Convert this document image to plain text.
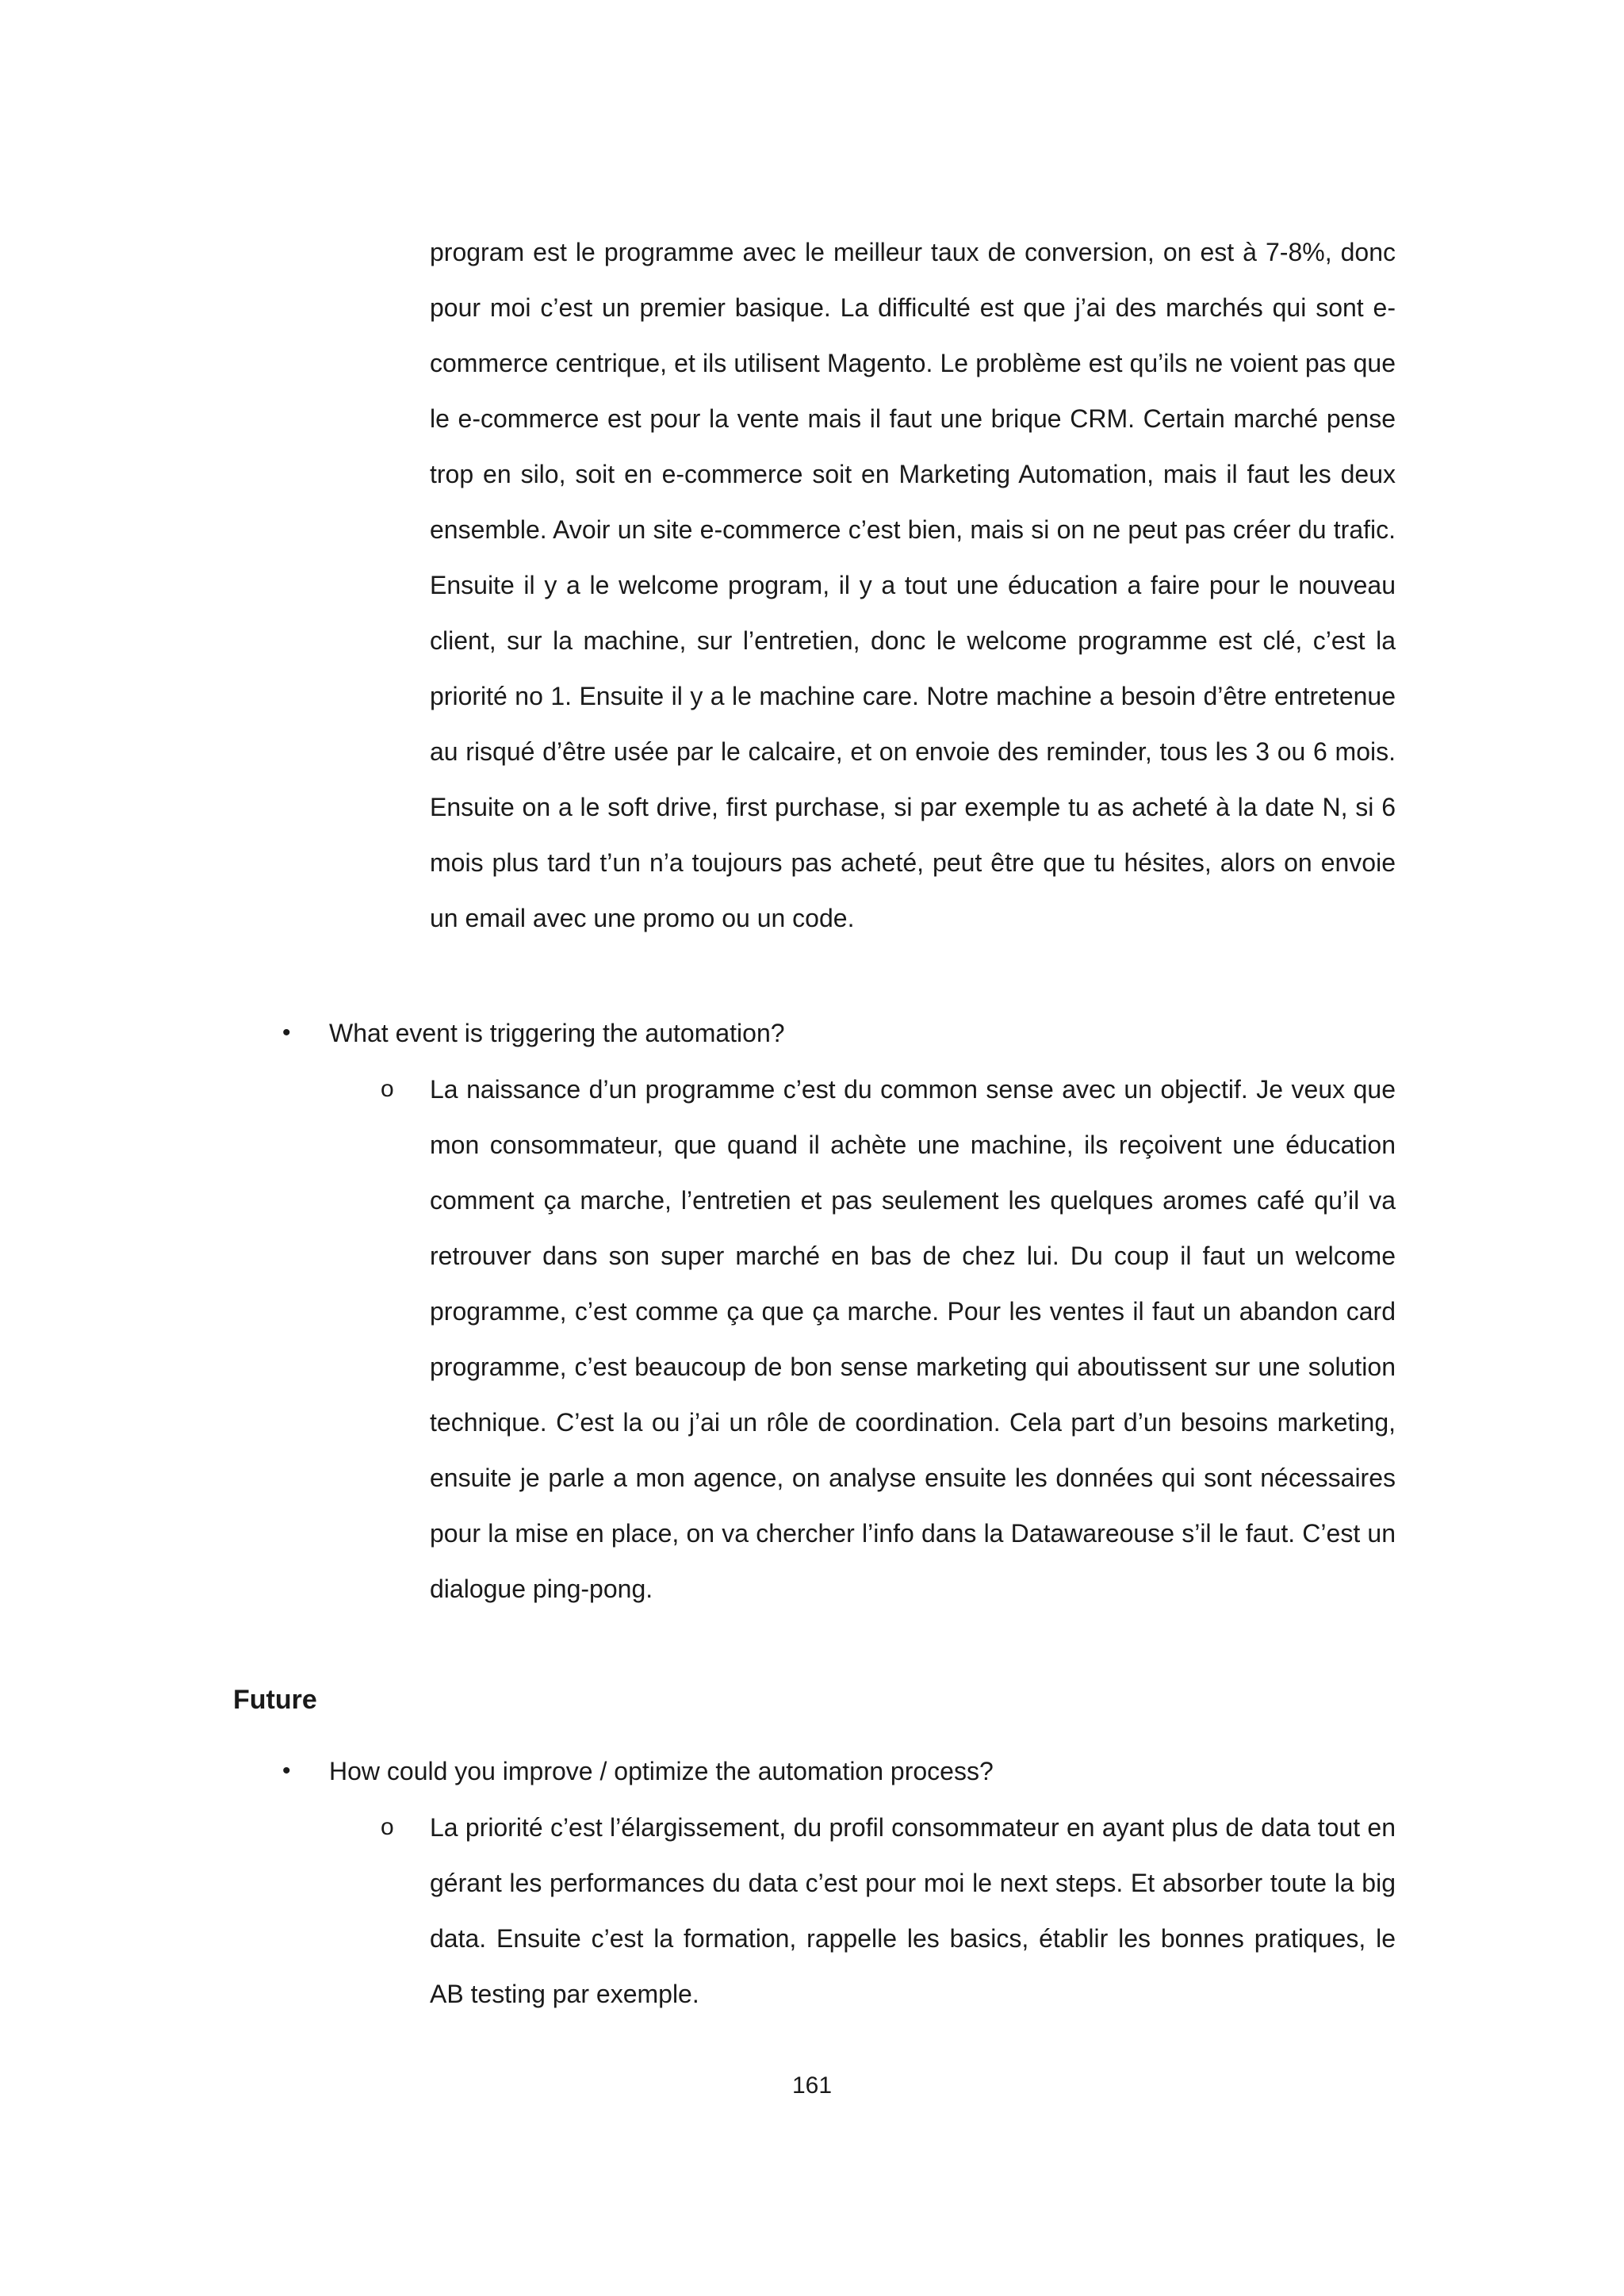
program est le programme avec le meilleur taux de conversion, on est à 7-8%, donc pour moi c’est un premier basique. La difficulté est que j’ai des marchés qui sont e-commerce centrique, et ils utilisent Magento. Le problème est qu’ils ne voient pas que le e-commerce est pour la vente mais il faut une brique CRM. Certain marché pense trop en silo, soit en e-commerce soit en Marketing Automation, mais il faut les deux ensemble. Avoir un site e-commerce c’est bien, mais si on ne peut pas créer du trafic. Ensuite il y a le welcome program, il y a tout une éducation a faire pour le nouveau client, sur la machine, sur l’entretien, donc le welcome programme est clé, c’est la priorité no 1. Ensuite il y a le machine care. Notre machine a besoin d’être entretenue au risqué d’être usée par le calcaire, et on envoie des reminder, tous les 3 ou 6 mois. Ensuite on a le soft drive, first purchase, si par exemple tu as acheté à la date N, si 6 mois plus tard t’un n’a toujours pas acheté, peut être que tu hésites, alors on envoie un email avec une promo ou un code.

• What event is triggering the automation?

o La naissance d’un programme c’est du common sense avec un objectif. Je veux que mon consommateur, que quand il achète une machine, ils reçoivent une éducation comment ça marche, l’entretien et pas seulement les quelques aromes café qu’il va retrouver dans son super marché en bas de chez lui. Du coup il faut un welcome programme, c’est comme ça que ça marche. Pour les ventes il faut un abandon card programme, c’est beaucoup de bon sense marketing qui aboutissent sur une solution technique. C’est la ou j’ai un rôle de coordination. Cela part d’un besoins marketing, ensuite je parle a mon agence, on analyse ensuite les données qui sont nécessaires pour la mise en place, on va chercher l’info dans la Datawareouse s’il le faut. C’est un dialogue ping-pong.

Future
• How could you improve / optimize the automation process?

o La priorité c’est l’élargissement, du profil consommateur en ayant plus de data tout en gérant les performances du data c’est pour moi le next steps. Et absorber toute la big data. Ensuite c’est la formation, rappelle les basics, établir les bonnes pratiques, le AB testing par exemple.

161
